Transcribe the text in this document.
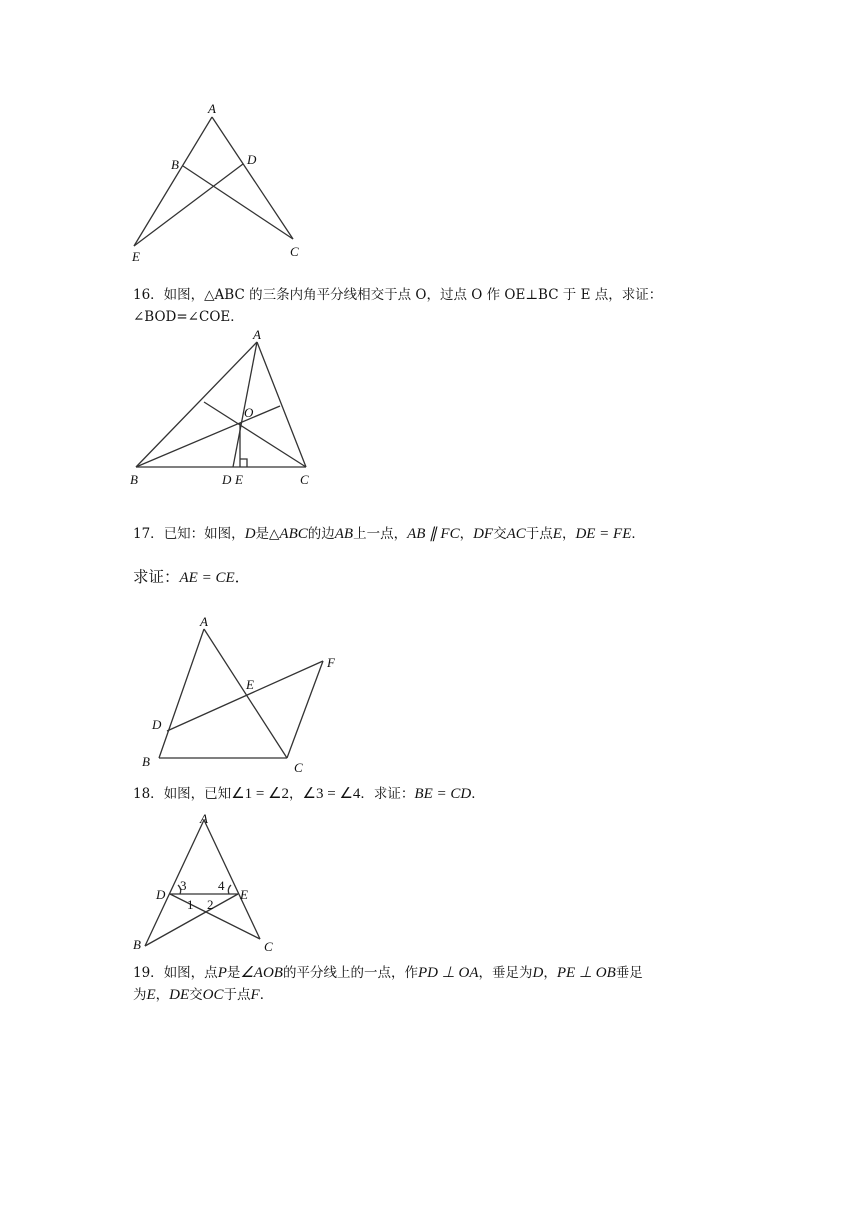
A
B	D
E	C

16．如图，△ABC 的三条内角平分线相交于点 O，过点 O 作 OE⊥BC 于 E 点，求证：
∠BOD=∠COE．

A
O
B	D E	C

17．已知：如图，D是△ABC的边AB上一点，AB ∥ FC，DF交AC于点E，DE = FE．

求证：AE = CE．

A
F
E
D
B	C

18．如图，已知∠1 = ∠2，∠3 = ∠4．求证：BE = CD．

D	E
A
B	C
3 4
1 2

19．如图，点P是∠AOB的平分线上的一点，作PD ⊥ OA，垂足为D，PE ⊥ OB垂足
为E，DE交OC于点F．
